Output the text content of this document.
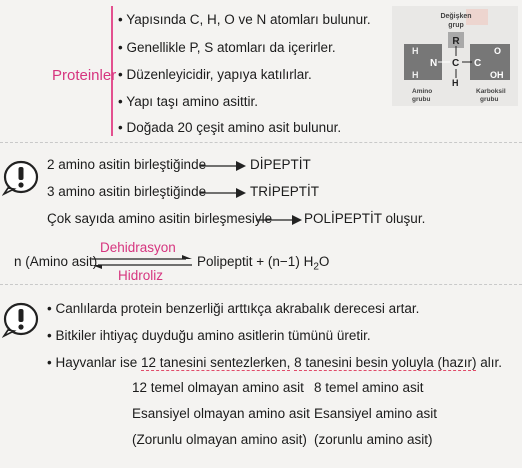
Proteinler
• Yapısında C, H, O ve N atomları bulunur.
• Genellikle P, S atomları da içerirler.
• Düzenleyicidir, yapıya katılırlar.
• Yapı taşı amino asittir.
• Doğada 20 çeşit amino asit bulunur.
Değişken
grup
R
H
H
N C C
O
OH
H
Amino
grubu
Karboksil
grubu
2 amino asitin birleştiğinde	DİPEPTİT
3 amino asitin birleştiğinde	TRİPEPTİT
Çok sayıda amino asitin birleşmesiyle POLİPEPTİT oluşur.
Dehidrasyon
n (Amino asit)
Hidroliz
Polipeptit + (n−1) $H_2O$
• Canlılarda protein benzerliği arttıkça akrabalık derecesi artar.
• Bitkiler ihtiyaç duyduğu amino asitlerin tümünü üretir.
• Hayvanlar ise 12 tanesini sentezlerken, 8 tanesini besin yoluyla (hazır) alır.
12 temel olmayan amino asit
Esansiyel olmayan amino asit
(Zorunlu olmayan amino asit)
8 temel amino asit
Esansiyel amino asit
(zorunlu amino asit)
